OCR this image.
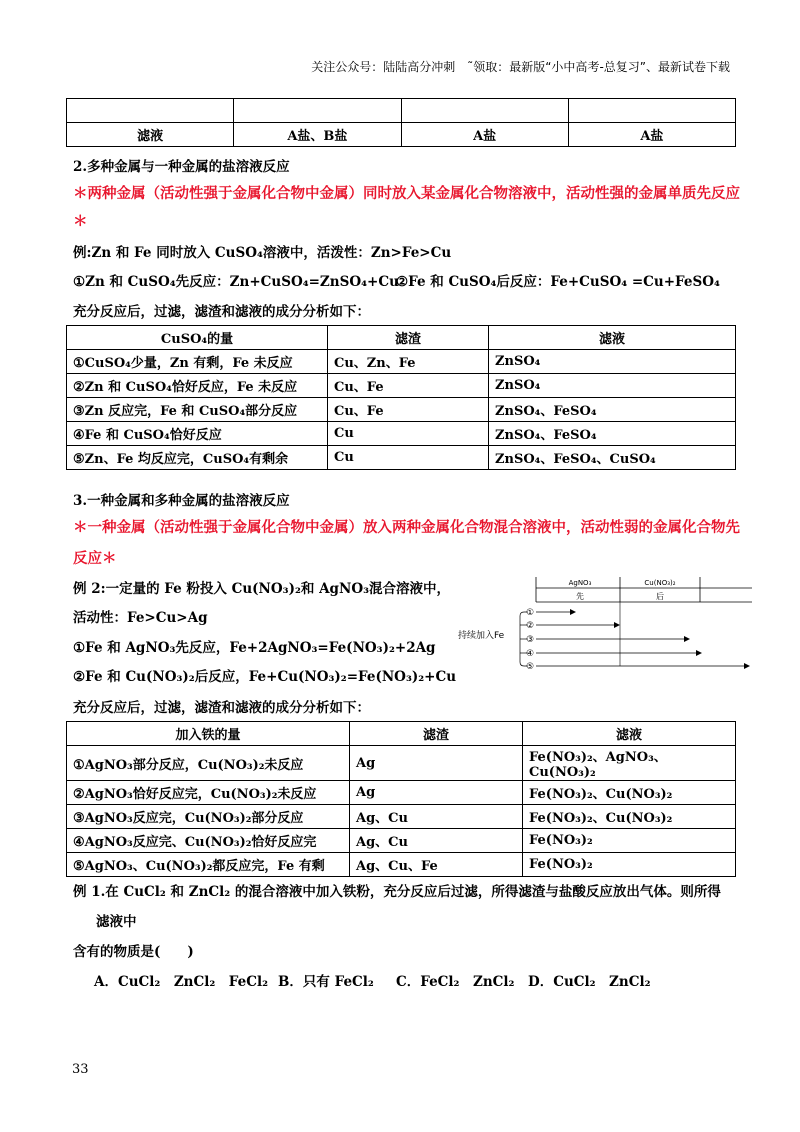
关注公众号：陆陆高分冲刺　˜领取：最新版“小中高考-总复习”、最新试卷下载

滤液	A盐、B盐	A盐	A盐
2.多种金属与一种金属的盐溶液反应
＊两种金属（活动性强于金属化合物中金属）同时放入某金属化合物溶液中，活动性强的金属单质先反应
＊
例:Zn 和 Fe 同时放入 CuSO₄溶液中，活泼性：Zn>Fe>Cu
①Zn 和 CuSO₄先反应：Zn+CuSO₄=ZnSO₄+Cu
②Fe 和 CuSO₄后反应：Fe+CuSO₄ =Cu+FeSO₄
充分反应后，过滤，滤渣和滤液的成分分析如下：
CuSO₄的量	滤渣	滤液
①CuSO₄少量，Zn 有剩，Fe 未反应	Cu、Zn、Fe	ZnSO₄
②Zn 和 CuSO₄恰好反应，Fe 未反应	Cu、Fe	ZnSO₄
③Zn 反应完，Fe 和 CuSO₄部分反应	Cu、Fe	ZnSO₄、FeSO₄
④Fe 和 CuSO₄恰好反应	Cu	ZnSO₄、FeSO₄
⑤Zn、Fe 均反应完，CuSO₄有剩余	Cu	ZnSO₄、FeSO₄、CuSO₄
3.一种金属和多种金属的盐溶液反应
＊一种金属（活动性强于金属化合物中金属）放入两种金属化合物混合溶液中，活动性弱的金属化合物先
反应＊
例 2:一定量的 Fe 粉投入 Cu(NO₃)₂和 AgNO₃混合溶液中，
活动性：Fe>Cu>Ag
①Fe 和 AgNO₃先反应，Fe+2AgNO₃=Fe(NO₃)₂+2Ag
②Fe 和 Cu(NO₃)₂后反应，Fe+Cu(NO₃)₂=Fe(NO₃)₂+Cu
AgNO₃	Cu(NO₃)₂
先	后
持续加入Fe
①
②
③
④
⑤
充分反应后，过滤，滤渣和滤液的成分分析如下：
加入铁的量	滤渣	滤液
①AgNO₃部分反应，Cu(NO₃)₂未反应	Ag	Fe(NO₃)₂、AgNO₃、Cu(NO₃)₂
②AgNO₃恰好反应完，Cu(NO₃)₂未反应	Ag	Fe(NO₃)₂、Cu(NO₃)₂
③AgNO₃反应完，Cu(NO₃)₂部分反应	Ag、Cu	Fe(NO₃)₂、Cu(NO₃)₂
④AgNO₃反应完、Cu(NO₃)₂恰好反应完	Ag、Cu	Fe(NO₃)₂
⑤AgNO₃、Cu(NO₃)₂都反应完，Fe 有剩	Ag、Cu、Fe	Fe(NO₃)₂
例 1.在 CuCl₂ 和 ZnCl₂ 的混合溶液中加入铁粉，充分反应后过滤，所得滤渣与盐酸反应放出气体。则所得
滤液中
含有的物质是(　　)
A．CuCl₂　ZnCl₂　FeCl₂ B．只有 FeCl₂ C．FeCl₂　ZnCl₂ D．CuCl₂　ZnCl₂
33
